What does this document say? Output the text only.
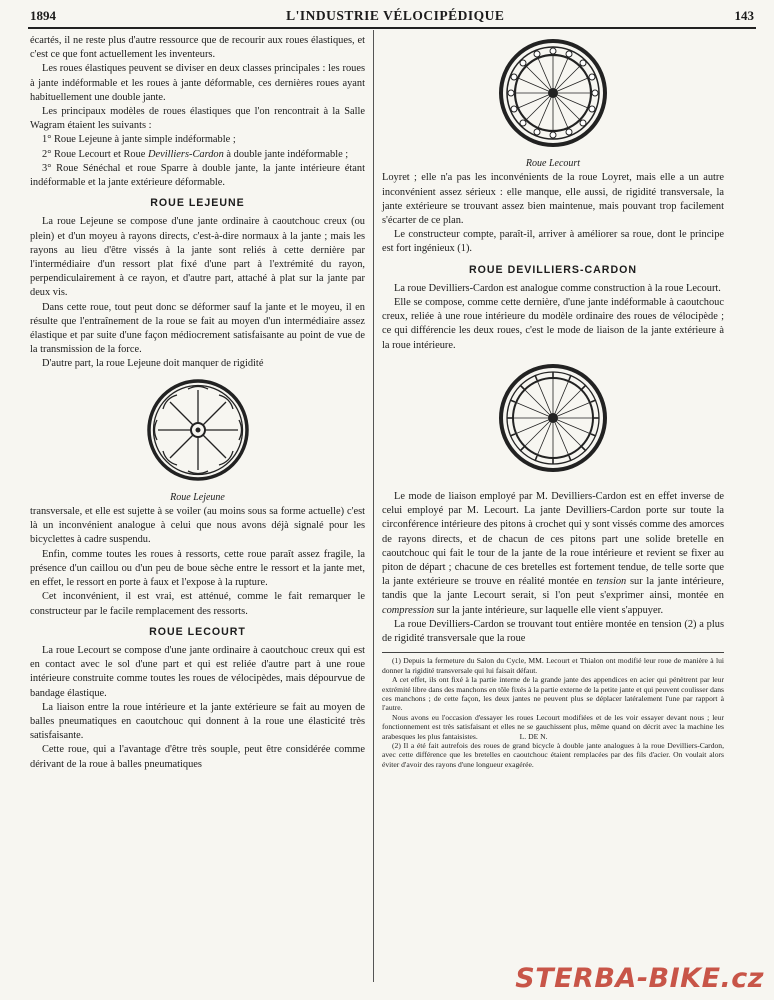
1894	L'INDUSTRIE VÉLOCIPÉDIQUE	143

écartés, il ne reste plus d'autre ressource que de recourir aux roues élastiques, et c'est ce que font actuellement les inventeurs.

Les roues élastiques peuvent se diviser en deux classes principales : les roues à jante indéformable et les roues à jante déformable, ces dernières roues ayant habituellement une double jante.

Les principaux modèles de roues élastiques que l'on rencontrait à la Salle Wagram étaient les suivants :

1° Roue Lejeune à jante simple indéformable ;

2° Roue Lecourt et Roue Devilliers-Cardon à double jante indéformable ;

3° Roue Sénéchal et roue Sparre à double jante, la jante intérieure étant indéformable et la jante extérieure déformable.

ROUE LEJEUNE

La roue Lejeune se compose d'une jante ordinaire à caoutchouc creux (ou plein) et d'un moyeu à rayons directs, c'est-à-dire normaux à la jante ; mais les rayons au lieu d'être vissés à la jante sont reliés à cette dernière par l'intermédiaire d'un ressort plat fixé d'une part à l'extrémité du rayon, perpendiculairement à ce rayon, et d'autre part, attaché à plat sur la jante par deux vis.

Dans cette roue, tout peut donc se déformer sauf la jante et le moyeu, il en résulte que l'entraînement de la roue se fait au moyen d'un intermédiaire assez élastique et par suite d'une façon médiocrement satisfaisante au point de vue de la transmission de la force.

D'autre part, la roue Lejeune doit manquer de rigidité

Roue Lejeune

transversale, et elle est sujette à se voiler (au moins sous sa forme actuelle) c'est là un inconvénient analogue à celui que nous avons déjà signalé pour les bicyclettes à cadre suspendu.

Enfin, comme toutes les roues à ressorts, cette roue paraît assez fragile, la présence d'un caillou ou d'un peu de boue sèche entre le ressort et la jante met, en effet, le ressort en porte à faux et l'expose à la rupture.

Cet inconvénient, il est vrai, est atténué, comme le fait remarquer le constructeur par le facile remplacement des ressorts.

ROUE LECOURT

La roue Lecourt se compose d'une jante ordinaire à caoutchouc creux qui est en contact avec le sol d'une part et qui est reliée d'autre part à une roue intérieure construite comme toutes les roues de vélocipèdes, mais dépourvue de bandage élastique.

La liaison entre la roue intérieure et la jante extérieure se fait au moyen de balles pneumatiques en caoutchouc qui donnent à la roue une élasticité très satisfaisante.

Cette roue, qui a l'avantage d'être très souple, peut être considérée comme dérivant de la roue à balles pneumatiques

Roue Lecourt

Loyret ; elle n'a pas les inconvénients de la roue Loyret, mais elle a un autre inconvénient assez sérieux : elle manque, elle aussi, de rigidité transversale, la jante extérieure se trouvant assez bien maintenue, mais pouvant trop facilement s'écarter de ce plan.

Le constructeur compte, paraît-il, arriver à améliorer sa roue, dont le principe est fort ingénieux (1).

ROUE DEVILLIERS-CARDON

La roue Devilliers-Cardon est analogue comme construction à la roue Lecourt.

Elle se compose, comme cette dernière, d'une jante indéformable à caoutchouc creux, reliée à une roue intérieure du modèle ordinaire des roues de vélocipède ; ce qui différencie les deux roues, c'est le mode de liaison de la jante extérieure à la roue intérieure.

Le mode de liaison employé par M. Devilliers-Cardon est en effet inverse de celui employé par M. Lecourt. La jante Devilliers-Cardon porte sur toute la circonférence intérieure des pitons à crochet qui y sont vissés comme des amorces de rayons directs, et de chacun de ces pitons part une solide bretelle en caoutchouc qui fait le tour de la jante de la roue intérieure et revient se fixer au piton de départ ; chacune de ces bretelles est fortement tendue, de telle sorte que la jante extérieure se trouve en réalité montée en tension sur la jante intérieure, tandis que la jante Lecourt serait, si l'on peut s'exprimer ainsi, montée en compression sur la jante intérieure, sur laquelle elle vient s'appuyer.

La roue Devilliers-Cardon se trouvant tout entière montée en tension (2) a plus de rigidité transversale que la roue

(1) Depuis la fermeture du Salon du Cycle, MM. Lecourt et Thialon ont modifié leur roue de manière à lui donner la rigidité transversale qui lui faisait défaut.

A cet effet, ils ont fixé à la partie interne de la grande jante des appendices en acier qui pénètrent par leur extrémité libre dans des manchons en tôle fixés à la partie externe de la petite jante et qui peuvent coulisser dans ces manchons ; de cette façon, les deux jantes ne peuvent plus se déplacer latéralement l'une par rapport à l'autre.

Nous avons eu l'occasion d'essayer les roues Lecourt modifiées et de les voir essayer devant nous ; leur fonctionnement est très satisfaisant et elles ne se gauchissent plus, même quand on décrit avec la machine les arabesques les plus fantaisistes.	L. DE N.

(2) Il a été fait autrefois des roues de grand bicycle à double jante analogues à la roue Devilliers-Cardon, avec cette différence que les bretelles en caoutchouc étaient remplacées par des fils d'acier. On voulait alors éviter d'avoir des rayons d'une longueur exagérée.

STERBA-BIKE.cz
